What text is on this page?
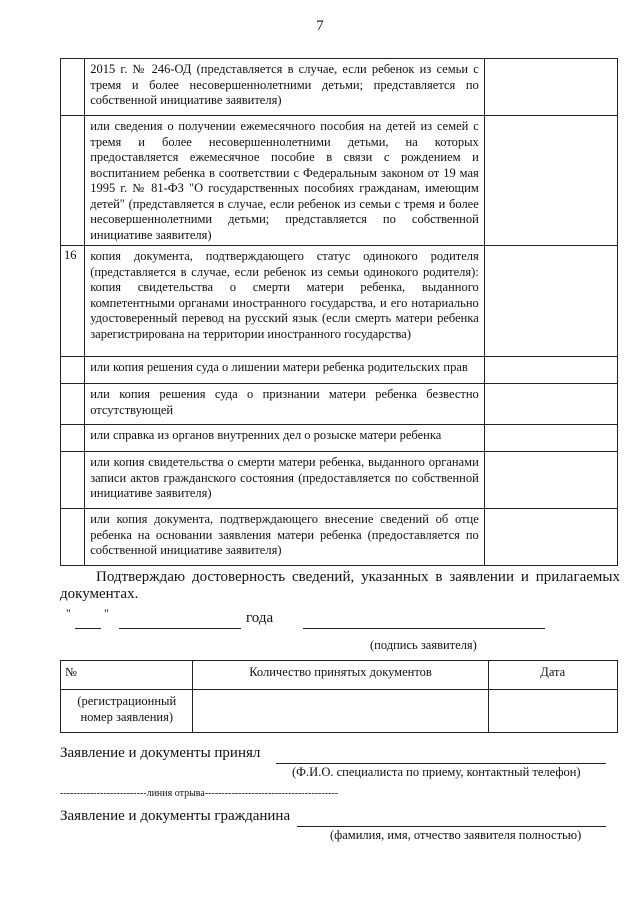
7
	2015 г. № 246-ОД (представляется в случае, если ребенок из семьи с тремя и более несовершеннолетними детьми; представляется по собственной инициативе заявителя)	
	или сведения о получении ежемесячного пособия на детей из семей с тремя и более несовершеннолетними детьми, на которых предоставляется ежемесячное пособие в связи с рождением и воспитанием ребенка в соответствии с Федеральным законом от 19 мая 1995 г. № 81-ФЗ "О государственных пособиях гражданам, имеющим детей" (представляется в случае, если ребенок из семьи с тремя и более несовершеннолетними детьми; представляется по собственной инициативе заявителя)	
16	копия документа, подтверждающего статус одинокого родителя (представляется в случае, если ребенок из семьи одинокого родителя): копия свидетельства о смерти матери ребенка, выданного компетентными органами иностранного государства, и его нотариально удостоверенный перевод на русский язык (если смерть матери ребенка зарегистрирована на территории иностранного государства)	
	или копия решения суда о лишении матери ребенка родительских прав	
	или копия решения суда о признании матери ребенка безвестно отсутствующей	
	или справка из органов внутренних дел о розыске матери ребенка	
	или копия свидетельства о смерти матери ребенка, выданного органами записи актов гражданского состояния (предоставляется по собственной инициативе заявителя)	
	или копия документа, подтверждающего внесение сведений об отце ребенка на основании заявления матери ребенка (предоставляется по собственной инициативе заявителя)	
Подтверждаю достоверность сведений, указанных в заявлении и прилагаемых документах.
"	"	года
(подпись заявителя)
№	Количество принятых документов	Дата
(регистрационный номер заявления)		
Заявление и документы принял
(Ф.И.О. специалиста по приему, контактный телефон)
--------------------------линия отрыва----------------------------------------
Заявление и документы гражданина
(фамилия, имя, отчество заявителя полностью)
